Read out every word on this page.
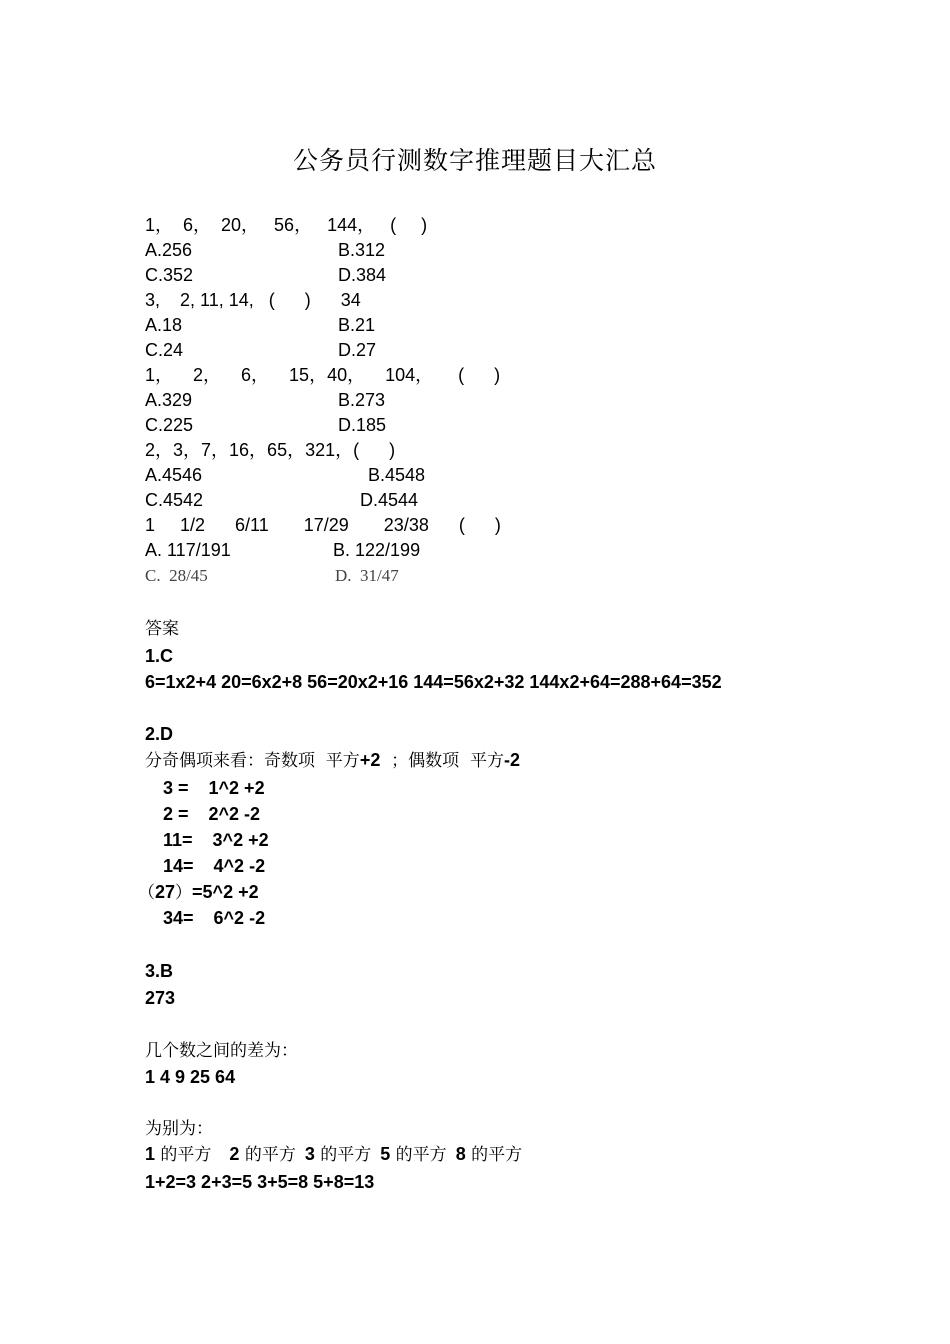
公务员行测数字推理题目大汇总
1，  6，  20，   56，   144，   (     )
A.256	B.312
C.352	D.384
3,    2, 11, 14,   (      )      34
A.18	B.21
C.24	D.27
1，    2，    6，    15，40，    104，     (      )
A.329	B.273
C.225	D.185
2，3，7，16，65，321，(      )
A.4546	B.4548
C.4542	D.4544
1     1/2      6/11       17/29       23/38      (      )
A. 117/191	B. 122/199
C.  28/45	D.  31/47
答案
1.C
6=1x2+4 20=6x2+8 56=20x2+16 144=56x2+32 144x2+64=288+64=352
2.D
分奇偶项来看：奇数项  平方+2  ；偶数项  平方-2
3 =    1^2 +2
2 =    2^2 -2
11=    3^2 +2
14=    4^2 -2
（27）=5^2 +2
34=    6^2 -2
3.B
273
几个数之间的差为：
1 4 9 25 64
为别为：
1 的平方 2 的平方 3 的平方 5 的平方 8 的平方
1+2=3 2+3=5 3+5=8 5+8=13
